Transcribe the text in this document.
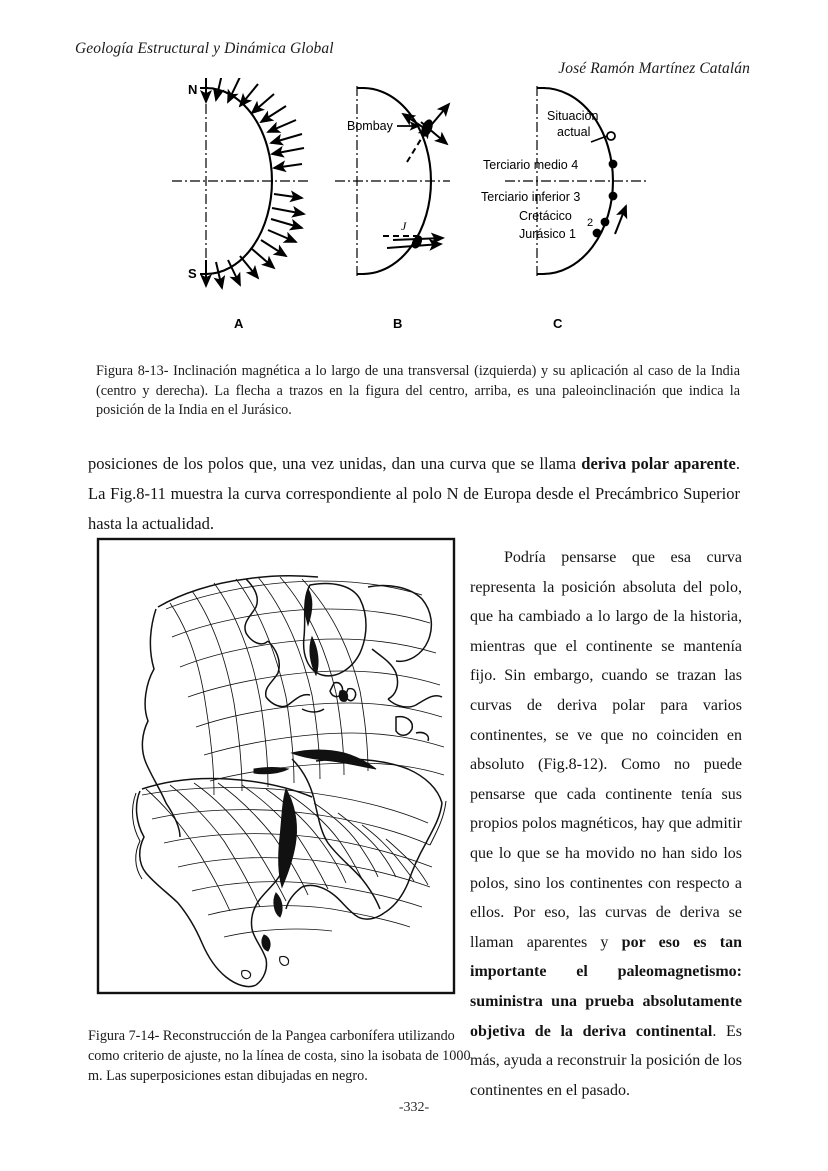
Geología Estructural y Dinámica Global
José Ramón Martínez Catalán
N
S
Bombay
J
Situación
actual
Terciario medio 4
Terciario inferior 3
Cretácico 2
Jurásico 1
A	B	C
Figura 8-13- Inclinación magnética a lo largo de una transversal (izquierda) y su aplicación al caso de la India (centro y derecha). La flecha a trazos en la figura del centro, arriba, es una paleoinclinación que indica la posición de la India en el Jurásico.

posiciones de los polos que, una vez unidas, dan una curva que se llama deriva polar aparente. La Fig.8-11 muestra la curva correspondiente al polo N de Europa desde el Precámbrico Superior hasta la actualidad.

Podría pensarse que esa curva representa la posición absoluta del polo, que ha cambiado a lo largo de la historia, mientras que el continente se mantenía fijo. Sin embargo, cuando se trazan las curvas de deriva polar para varios continentes, se ve que no coinciden en absoluto (Fig.8-12). Como no puede pensarse que cada continente tenía sus propios polos magnéticos, hay que admitir que lo que se ha movido no han sido los polos, sino los continentes con respecto a ellos. Por eso, las curvas de deriva se llaman aparentes y por eso es tan importante el paleomagnetismo: suministra una prueba absolutamente objetiva de la deriva continental. Es más, ayuda a reconstruir la posición de los continentes en el pasado.

Figura 7-14- Reconstrucción de la Pangea carbonífera utilizando como criterio de ajuste, no la línea de costa, sino la isobata de 1000 m. Las superposiciones estan dibujadas en negro.
-332-
